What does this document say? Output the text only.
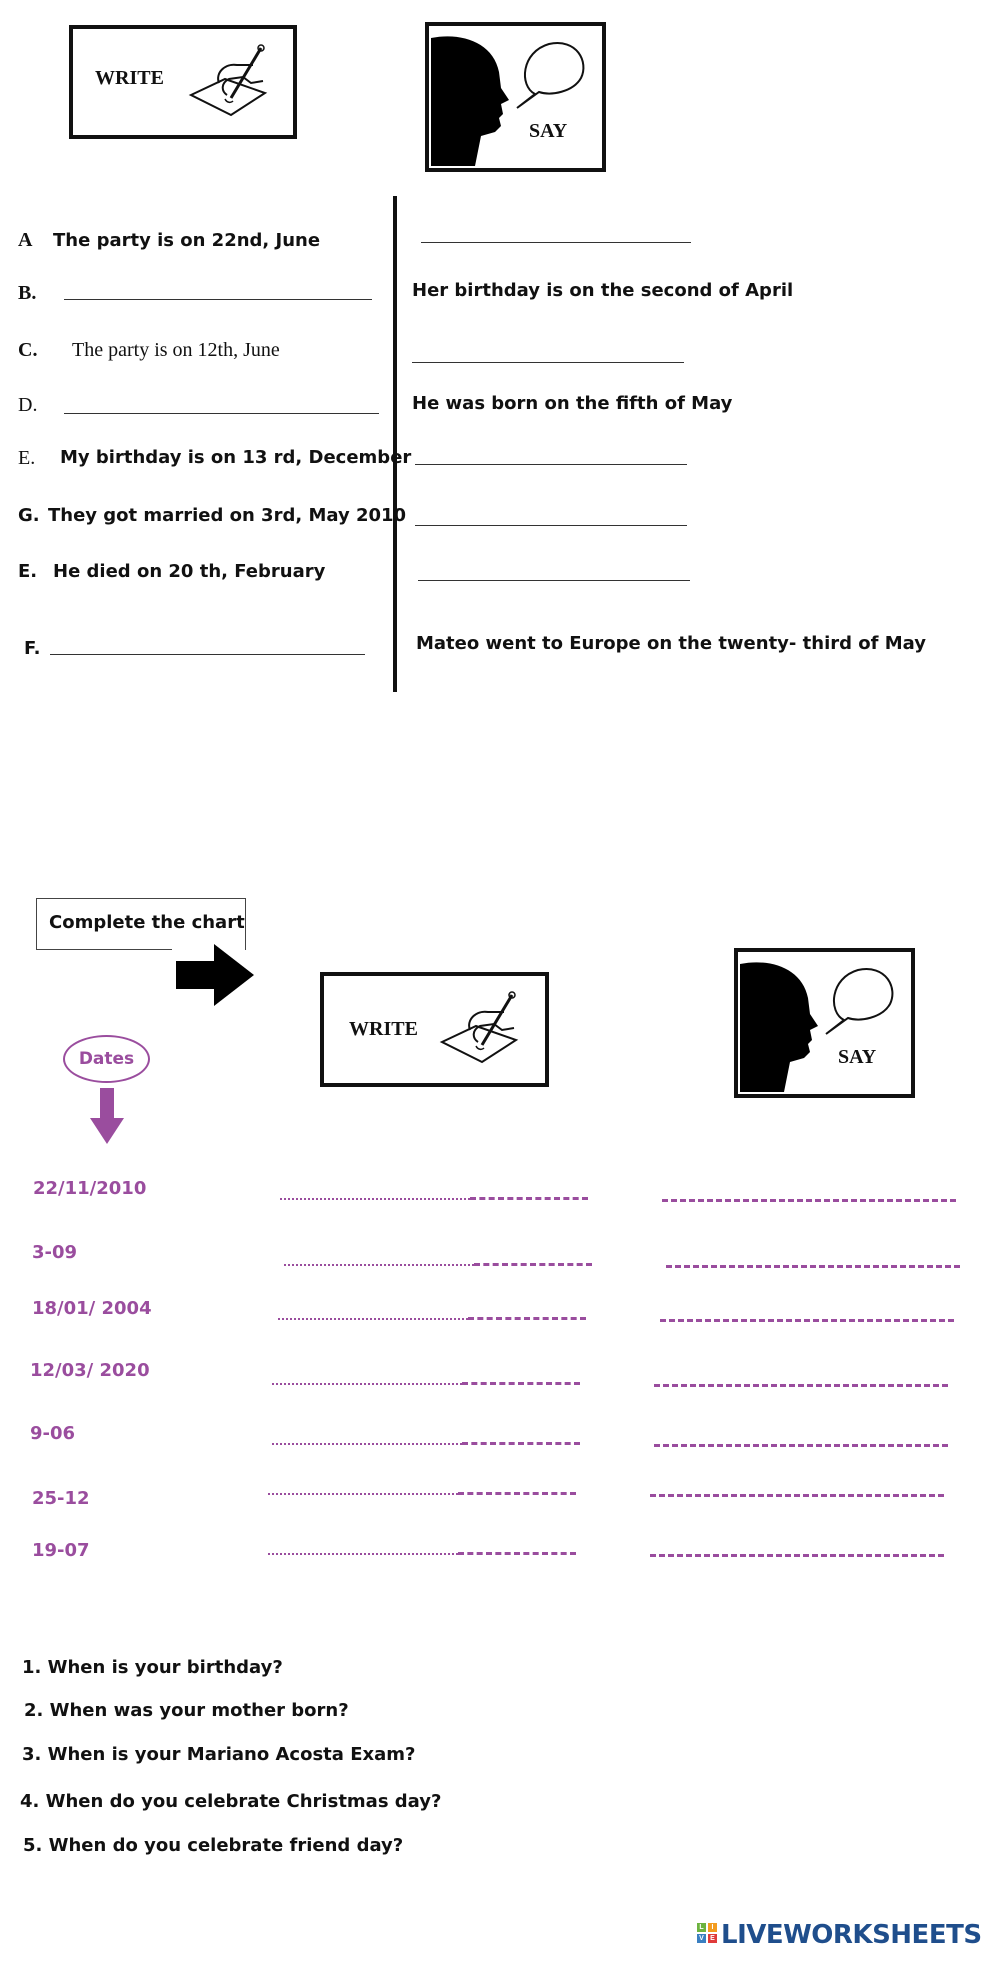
WRITE
SAY
A The party is on 22nd, June
B.
C. The party is on 12th, June
D.
E. My birthday is on 13 rd, December
G. They got married on 3rd, May 2010
E. He died on 20 th, February
F.
Her birthday is on the second of April
He was born on the fifth of May
Mateo went to Europe on the twenty- third of May
Complete the chart
WRITE
SAY
Dates
22/11/2010
3-09
18/01/ 2004
12/03/ 2020
9-06
25-12
19-07
1. When is your birthday?
2. When was your mother born?
3. When is your Mariano Acosta Exam?
4. When do you celebrate Christmas day?
5. When do you celebrate friend day?
L	I
V E LIVEWORKSHEETS
